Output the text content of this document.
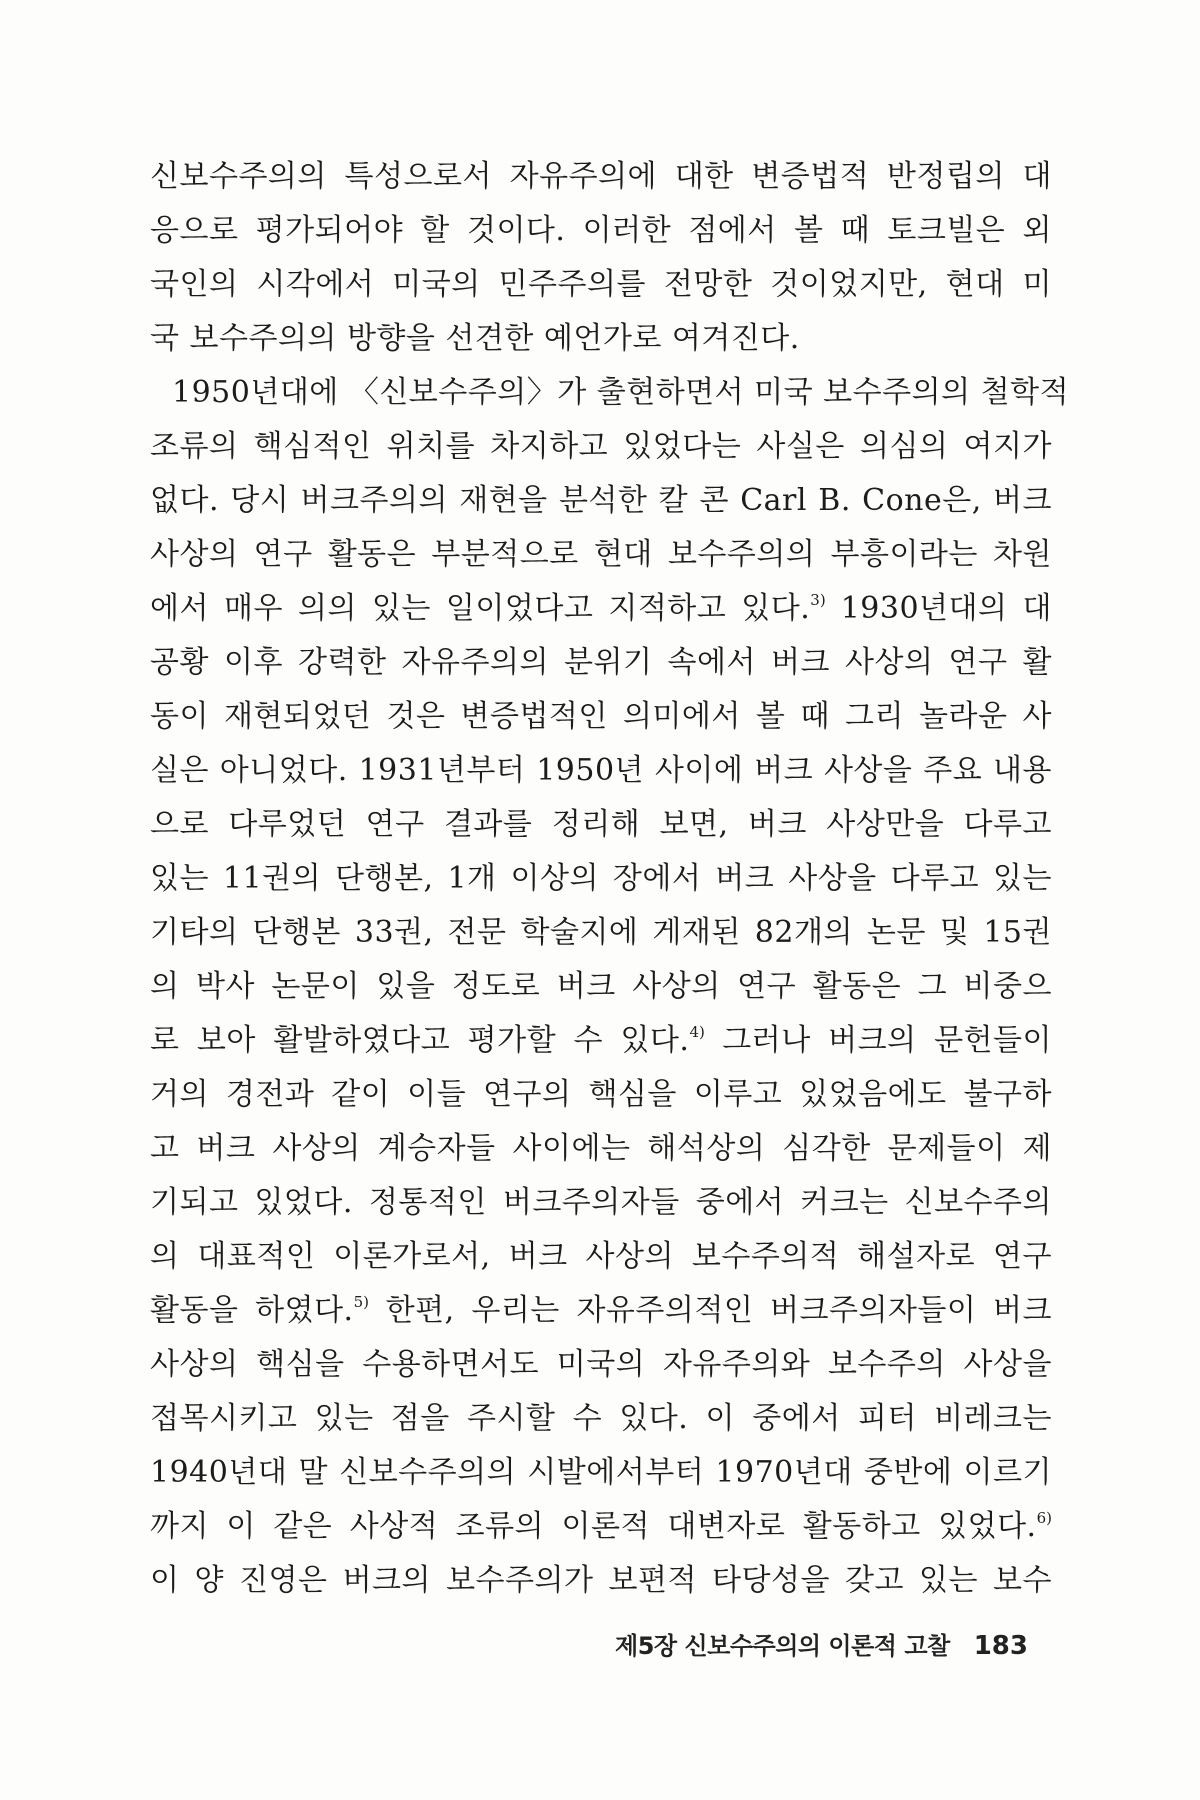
신보수주의의 특성으로서 자유주의에 대한 변증법적 반정립의 대
응으로 평가되어야 할 것이다. 이러한 점에서 볼 때 토크빌은 외
국인의 시각에서 미국의 민주주의를 전망한 것이었지만, 현대 미
국 보수주의의 방향을 선견한 예언가로 여겨진다.
1950년대에 〈신보수주의〉가 출현하면서 미국 보수주의의 철학적
조류의 핵심적인 위치를 차지하고 있었다는 사실은 의심의 여지가
없다. 당시 버크주의의 재현을 분석한 칼 콘 Carl B. Cone은, 버크
사상의 연구 활동은 부분적으로 현대 보수주의의 부흥이라는 차원
에서 매우 의의 있는 일이었다고 지적하고 있다.$^{3)}$ 1930년대의 대
공황 이후 강력한 자유주의의 분위기 속에서 버크 사상의 연구 활
동이 재현되었던 것은 변증법적인 의미에서 볼 때 그리 놀라운 사
실은 아니었다. 1931년부터 1950년 사이에 버크 사상을 주요 내용
으로 다루었던 연구 결과를 정리해 보면, 버크 사상만을 다루고
있는 11권의 단행본, 1개 이상의 장에서 버크 사상을 다루고 있는
기타의 단행본 33권, 전문 학술지에 게재된 82개의 논문 및 15권
의 박사 논문이 있을 정도로 버크 사상의 연구 활동은 그 비중으
로 보아 활발하였다고 평가할 수 있다.$^{4)}$ 그러나 버크의 문헌들이
거의 경전과 같이 이들 연구의 핵심을 이루고 있었음에도 불구하
고 버크 사상의 계승자들 사이에는 해석상의 심각한 문제들이 제
기되고 있었다. 정통적인 버크주의자들 중에서 커크는 신보수주의
의 대표적인 이론가로서, 버크 사상의 보수주의적 해설자로 연구
활동을 하였다.$^{5)}$ 한편, 우리는 자유주의적인 버크주의자들이 버크
사상의 핵심을 수용하면서도 미국의 자유주의와 보수주의 사상을
접목시키고 있는 점을 주시할 수 있다. 이 중에서 피터 비레크는
1940년대 말 신보수주의의 시발에서부터 1970년대 중반에 이르기
까지 이 같은 사상적 조류의 이론적 대변자로 활동하고 있었다.$^{6)}$
이 양 진영은 버크의 보수주의가 보편적 타당성을 갖고 있는 보수
제5장 신보수주의의 이론적 고찰 183
